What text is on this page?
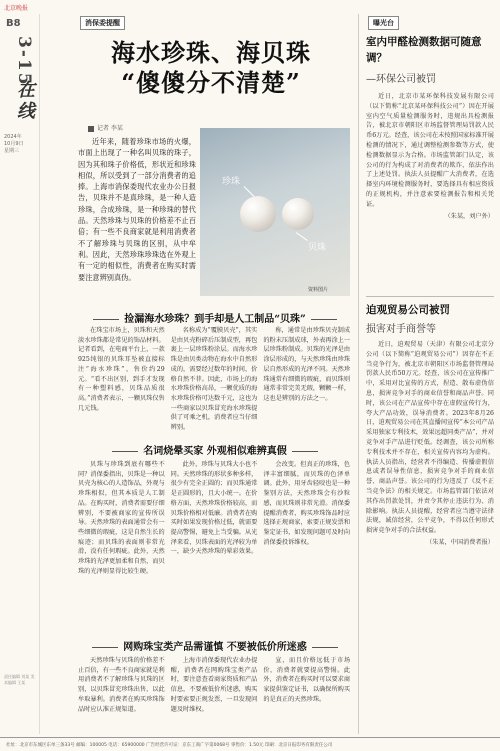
北京晚报
B8
3-15
在线
2024年
10月9日
星期三
责任编辑 刘某 美术编辑 王某
消保委提醒	曝光台
海水珍珠、海贝珠
“傻傻分不清楚”
记者 李某

近年来，随着珍珠市场的火爆，市面上出现了一种名叫贝珠的珠子，因为其和珠子价格低，形状近和珍珠相似，所以受到了一部分消费者的追捧。上海市消保委现代农业办公日报告，贝珠并不是真珍珠，是一种人造珍珠，合成珍珠，是一种珍珠的替代品。天然珍珠与贝珠的价格差不止百倍；有一些不良商家就是利用消费者不了解珍珠与贝珠的区别，从中牟利。因此，天然珍珠珍珠选在外观上有一定的相似性，消费者在购买时需要注意辨别真伪。

珍珠
贝珠
资料图片
捡漏海水珍珠？到手却是人工制品“贝珠”

在珠宝市场上，贝珠和天然淡水珍珠都是常见的饰品材料。记者看到，在电商平台上，一款925纯银的贝珠耳坠被直接标注“海水珍珠”，售价约29元。“看不出区别，到手才发现有一种塑料感，贝珠品质很高。”消费者表示，一颗贝珠仅售几元钱。

名称成为“覆膜贝壳”，其实是由贝壳粉碎后压制成型，再包裹上一层珍珠粉涂层。而海水珍珠是由贝类动物在海水中自然形成的，需要经过数年的时间，价格自然不菲。因此，市场上的海水珍珠价格高昂，一颗优质的海水珍珠价格可达数千元，这也为一些商家以贝珠冒充海水珍珠提供了可乘之机，消费者应当仔细辨别。

称，通常是由珍珠贝壳制成的粉末压制成球，外表再涂上一层珍珠粉制成。贝珠的光泽是由涂层形成的，与天然珍珠由珍珠层自然形成的光泽不同。天然珍珠通常有细微的瑕疵，而贝珠则通常非常完美无瑕，颗颗一样，这也是辨别的方法之一。

名词烧晕买家 外观相似难辨真假

贝珠与珍珠到底有哪些不同？消保委指出，贝珠是一种以贝壳为核心的人造饰品，外观与珍珠相似，但其本质是人工制品。在购买时，消费者需要仔细辨别，不要被商家的宣传所误导。天然珍珠的表面通常会有一些细微的瑕疵，这是自然生长的痕迹；而贝珠的表面则非常光滑，没有任何瑕疵。此外，天然珍珠的光泽更加柔和自然，而贝珠的光泽则显得比较生硬。

此外，珍珠与贝珠大小也不同。天然珍珠的形状多种多样，很少有完全正圆的；而贝珠通常是正圆形的，且大小统一。在价格方面，天然珍珠价格较高，而贝珠价格相对低廉。消费者在购买时如果发现价格过低，就需要提高警惕，避免上当受骗。从光泽来看，贝珠表面的光泽较为单一，缺少天然珍珠的晕彩效果。

会改变。但真正的珍珠，色泽丰富细腻，而贝珠的色泽单调。此外，用牙齿轻咬也是一种鉴别方法，天然珍珠会有沙粒感，而贝珠则非常光滑。消保委提醒消费者，购买珍珠饰品时应选择正规商家，索要正规发票和鉴定证书，如发现问题可及时向消保委投诉维权。

网购珠宝类产品需谨慎 不要被低价所迷惑

天然珍珠与贝珠的价格差不止百倍，有一些不良商家就是利用消费者不了解珍珠与贝珠的区别，以贝珠冒充珍珠出售，以此牟取暴利。消费者在购买珍珠饰品时应认准正规渠道。

上海市消保委现代农业办提醒，消费者在网购珠宝类产品时，要注意查看商家资质和产品信息，不要被低价所迷惑，购买时要索要正规发票，一旦发现问题及时维权。

宣，而且价格远低于市场价，消费者就要提高警惕。此外，消费者在购买时可以要求商家提供鉴定证书，以确保所购买的是真正的天然珍珠。

室内甲醛检测数据可随意调？
—环保公司被罚

近日，北京市某环保科技发展有限公司（以下简称“北京某环保科技公司”）因在开展室内空气质量检测服务时，违规出具检测报告，被北京市朝阳区市场监督管理局罚款人民币6万元。经查，该公司在未按照国家标准开展检测的情况下，通过调整检测参数等方式，使检测数据显示为合格。市场监管部门认定，该公司的行为构成了对消费者的欺诈，依法作出了上述处罚。执法人员提醒广大消费者，在选择室内环境检测服务时，要选择具有相应资质的正规机构，并注意索要检测报告和相关凭证。

（朱某，刘户外）

迫观贸易公司被罚
损害对手商誉等

近日，迫观贸易（天津）有限公司北京分公司（以下简称“迫观贸易公司”）因存在不正当竞争行为，被北京市朝阳区市场监督管理局罚款人民币50万元。经查，该公司在宣传推广中，采用对比宣传的方式，捏造、散布虚伪信息，损害竞争对手的商业信誉和商品声誉。同时，该公司在产品宣传中存在虚假宣传行为，夸大产品功效，误导消费者。2023年8月26日，迫观贸易公司在其直播间宣传“本公司产品采用独家专利技术，效果远超同类产品”，并对竞争对手产品进行贬低。经调查，该公司所称专利技术并不存在，相关宣传内容均为虚构。执法人员指出，经营者不得编造、传播虚假信息或者误导性信息，损害竞争对手的商业信誉、商品声誉。该公司的行为违反了《反不正当竞争法》的相关规定。市场监管部门依法对其作出罚款处罚，并责令其停止违法行为、消除影响。执法人员提醒，经营者应当遵守法律法规，诚信经营，公平竞争，不得以任何形式损害竞争对手的合法权益。

（朱某，中国消费者报）

社址：北京市东城区东单三条33号 邮编：100005 电话：65900000 广告经营许可证：京东工商广字第0068号 零售价：1.50元 印刷：北京日报印务有限责任公司
